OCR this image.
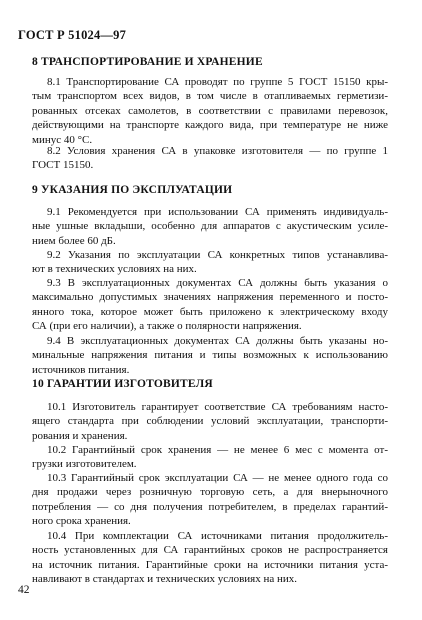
ГОСТ Р 51024—97
8 ТРАНСПОРТИРОВАНИЕ И ХРАНЕНИЕ
8.1 Транспортирование СА проводят по группе 5 ГОСТ 15150 кры-
тым транспортом всех видов, в том числе в отапливаемых герметизи-
рованных отсеках самолетов, в соответствии с правилами перевозок,
действующими на транспорте каждого вида, при температуре не ниже
минус 40 °С.
8.2 Условия хранения СА в упаковке изготовителя — по группе 1
ГОСТ 15150.
9 УКАЗАНИЯ ПО ЭКСПЛУАТАЦИИ
9.1 Рекомендуется при использовании СА применять индивидуаль-
ные ушные вкладыши, особенно для аппаратов с акустическим усиле-
нием более 60 дБ.
9.2 Указания по эксплуатации СА конкретных типов устанавлива-
ют в технических условиях на них.
9.3 В эксплуатационных документах СА должны быть указания о
максимально допустимых значениях напряжения переменного и посто-
янного тока, которое может быть приложено к электрическому входу
СА (при его наличии), а также о полярности напряжения.
9.4 В эксплуатационных документах СА должны быть указаны но-
минальные напряжения питания и типы возможных к использованию
источников питания.
10 ГАРАНТИИ ИЗГОТОВИТЕЛЯ
10.1 Изготовитель гарантирует соответствие СА требованиям насто-
ящего стандарта при соблюдении условий эксплуатации, транспорти-
рования и хранения.
10.2 Гарантийный срок хранения — не менее 6 мес с момента от-
грузки изготовителем.
10.3 Гарантийный срок эксплуатации СА — не менее одного года со
дня продажи через розничную торговую сеть, а для внерыночного
потребления — со дня получения потребителем, в пределах гарантий-
ного срока хранения.
42
10.4 При комплектации СА источниками питания продолжитель-
ность установленных для СА гарантийных сроков не распространяется
на источник питания. Гарантийные сроки на источники питания уста-
навливают в стандартах и технических условиях на них.
